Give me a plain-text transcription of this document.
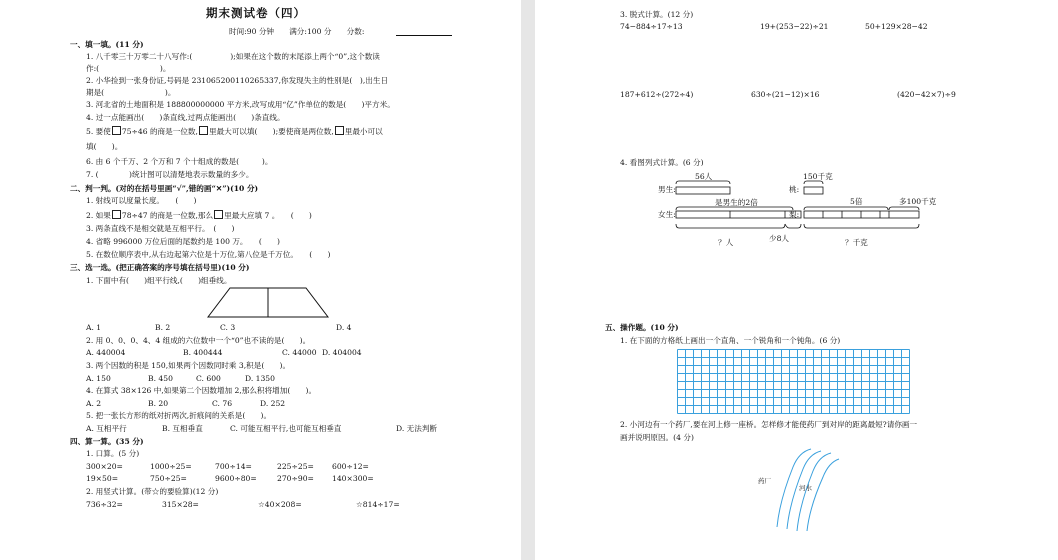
期末测试卷（四）
时间:90 分钟　　满分:100 分　　分数:
一、填一填。(11 分)
1. 八千零三十万零二十八写作:(　　　　　);如果在这个数的末尾添上两个“0”,这个数读
作:(　　　　　　　　)。
2. 小华捡到一张身份证,号码是 231065200110265337,你发现失主的性别是(　),出生日
期是(　　　　　　　　)。
3. 河北省的土地面积是 188800000000 平方米,改写成用“亿”作单位的数是(　　)平方米。
4. 过一点能画出(　　)条直线,过两点能画出(　　)条直线。
5. 要使 75÷46 的商是一位数, 里最大可以填(　　);要使商是两位数, 里最小可以
填(　　)。
6. 由 6 个千万、2 个万和 7 个十组成的数是(　　　)。
7. (　　　　)统计图可以清楚地表示数量的多少。
二、判一判。(对的在括号里画“√”,错的画“✕”)(10 分)
1. 射线可以度量长度。　　(　　)
2. 如果 78÷47 的商是一位数,那么 里最大应填 7 。　　(　　)
3. 两条直线不是相交就是互相平行。　(　　)
4. 省略 996000 万位后面的尾数约是 100 万。　　(　　)
5. 在数位顺序表中,从右边起第六位是十万位,第八位是千万位。　　(　　)
三、选一选。(把正确答案的序号填在括号里)(10 分)
1. 下面中有(　　)组平行线,(　　)组垂线。
A. 1	B. 2	C. 3	D. 4
2. 用 0、0、0、4、4 组成的六位数中一个“0”也不读的是(　　)。
A. 440004	B. 400444	C. 44000 D. 404004
3. 两个因数的积是 150,如果两个因数同时乘 3,积是(　　)。
A. 150	B. 450	C. 600	D. 1350
4. 在算式 38×126 中,如果第二个因数增加 2,那么积将增加(　　)。
A. 2	B. 20	C. 76	D. 252
5. 把一张长方形的纸对折两次,折痕间的关系是(　　)。
A. 互相平行	B. 互相垂直	C. 可能互相平行,也可能互相垂直	D. 无法判断
四、算一算。(35 分)
1. 口算。(5 分)
300×20=	1000÷25=	700÷14=	225÷25= 600÷12=
19×50=	750÷25=	9600÷80=	270÷90= 140×300=
2. 用竖式计算。(带☆的要验算)(12 分)
736÷32=	315×28=	☆40×208=	☆814÷17=
3. 脱式计算。(12 分)
74−884÷17÷13	19+(253−22)÷21	50+129×28−42
187+612÷(272÷4)	630÷(21−12)×16	(420−42×7)÷9
4. 看图列式计算。(6 分)
56人
男生:
是男生的2倍
女生:
？人	少8人
150千克
桃:
5倍	多100千克
梨:
？千克
五、操作题。(10 分)
1. 在下面的方格纸上画出一个直角、一个锐角和一个钝角。(6 分)
2. 小河边有一个药厂,要在河上修一座桥。怎样修才能使药厂到对岸的距离最短?请你画一
画并说明原因。(4 分)
药厂
河水
